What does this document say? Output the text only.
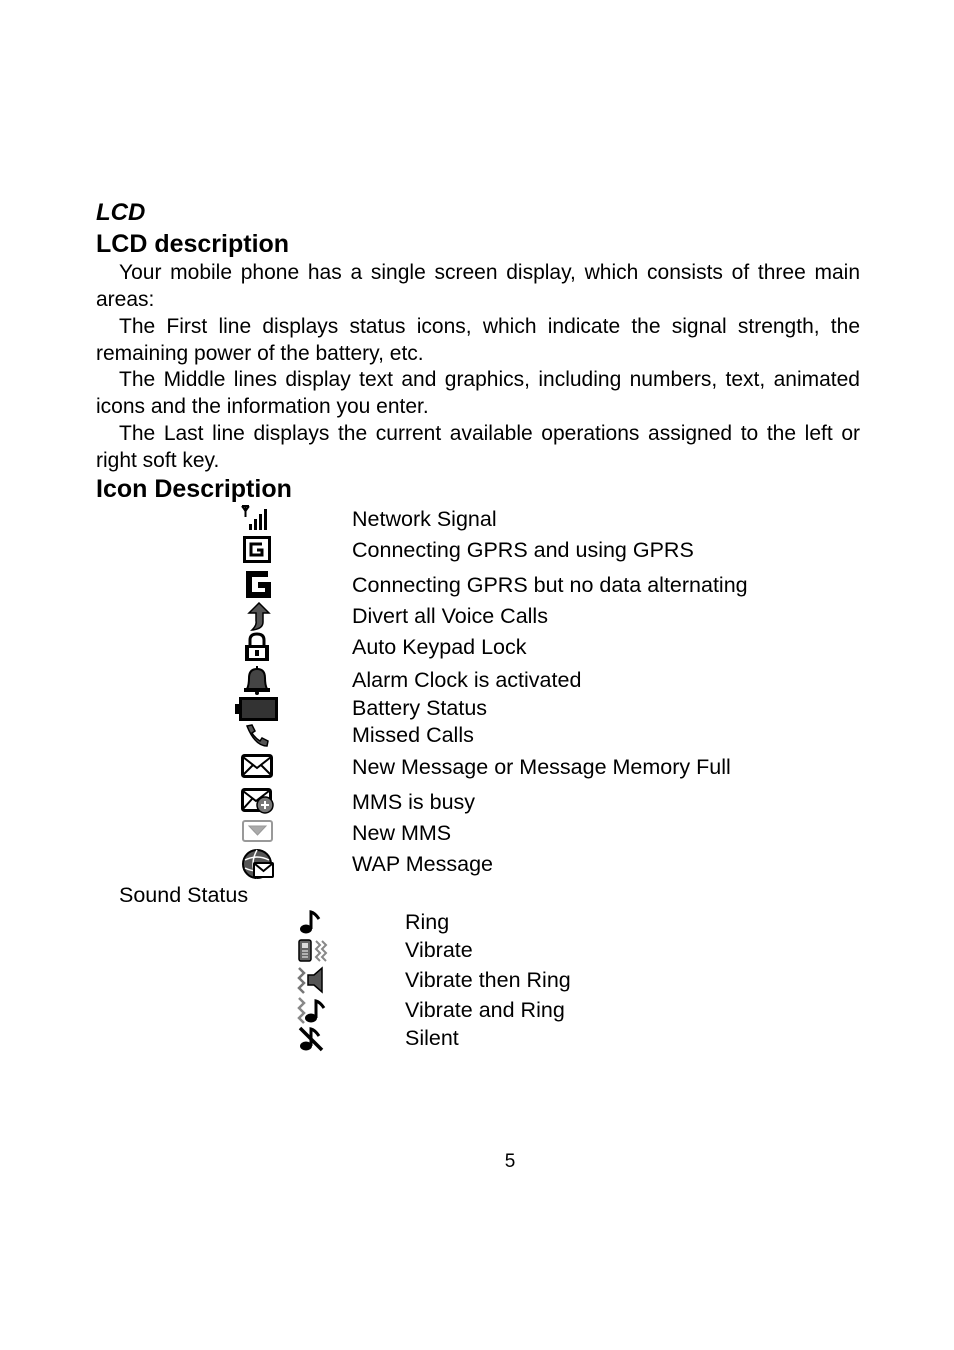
LCD
LCD description
Your mobile phone has a single screen display, which consists of three main areas:
The First line displays status icons, which indicate the signal strength, the remaining power of the battery, etc.
The Middle lines display text and graphics, including numbers, text, animated icons and the information you enter.
The Last line displays the current available operations assigned to the left or right soft key.
Icon Description
Network Signal
Connecting GPRS and using GPRS
Connecting GPRS but no data alternating
Divert all Voice Calls
Auto Keypad Lock
Alarm Clock is activated
Battery Status
Missed Calls
New Message or Message Memory Full
MMS is busy
New MMS
WAP Message
Sound Status
Ring
Vibrate
Vibrate then Ring
Vibrate and Ring
Silent
5
